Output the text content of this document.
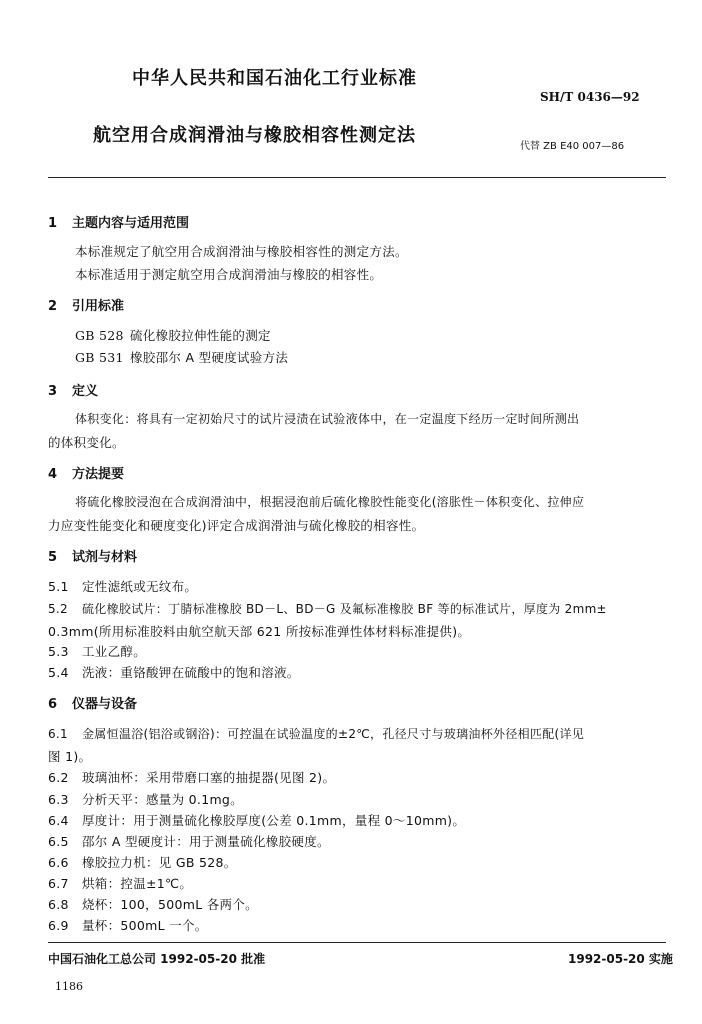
中华人民共和国石油化工行业标准
SH/T 0436—92
航空用合成润滑油与橡胶相容性测定法
代替 ZB E40 007—86
1 主题内容与适用范围
本标准规定了航空用合成润滑油与橡胶相容性的测定方法。
本标准适用于测定航空用合成润滑油与橡胶的相容性。
2 引用标准
GB 528 硫化橡胶拉伸性能的测定
GB 531 橡胶邵尔 A 型硬度试验方法
3 定义
体积变化：将具有一定初始尺寸的试片浸渍在试验液体中，在一定温度下经历一定时间所测出
的体积变化。
4 方法提要
将硫化橡胶浸泡在合成润滑油中，根据浸泡前后硫化橡胶性能变化(溶胀性－体积变化、拉伸应
力应变性能变化和硬度变化)评定合成润滑油与硫化橡胶的相容性。
5 试剂与材料
5.1 定性滤纸或无纹布。
5.2 硫化橡胶试片：丁腈标准橡胶 BD－L、BD－G 及氟标准橡胶 BF 等的标准试片，厚度为 2mm±
0.3mm(所用标准胶料由航空航天部 621 所按标准弹性体材料标准提供)。
5.3 工业乙醇。
5.4 洗液：重铬酸钾在硫酸中的饱和溶液。
6 仪器与设备
6.1 金属恒温浴(铝浴或钢浴)：可控温在试验温度的±2℃，孔径尺寸与玻璃油杯外径相匹配(详见
图 1)。
6.2 玻璃油杯：采用带磨口塞的抽提器(见图 2)。
6.3 分析天平：感量为 0.1mg。
6.4 厚度计：用于测量硫化橡胶厚度(公差 0.1mm，量程 0～10mm)。
6.5 邵尔 A 型硬度计：用于测量硫化橡胶硬度。
6.6 橡胶拉力机：见 GB 528。
6.7 烘箱：控温±1℃。
6.8 烧杯：100，500mL 各两个。
6.9 量杯：500mL 一个。
中国石油化工总公司 1992-05-20 批准	1992-05-20 实施
1186
